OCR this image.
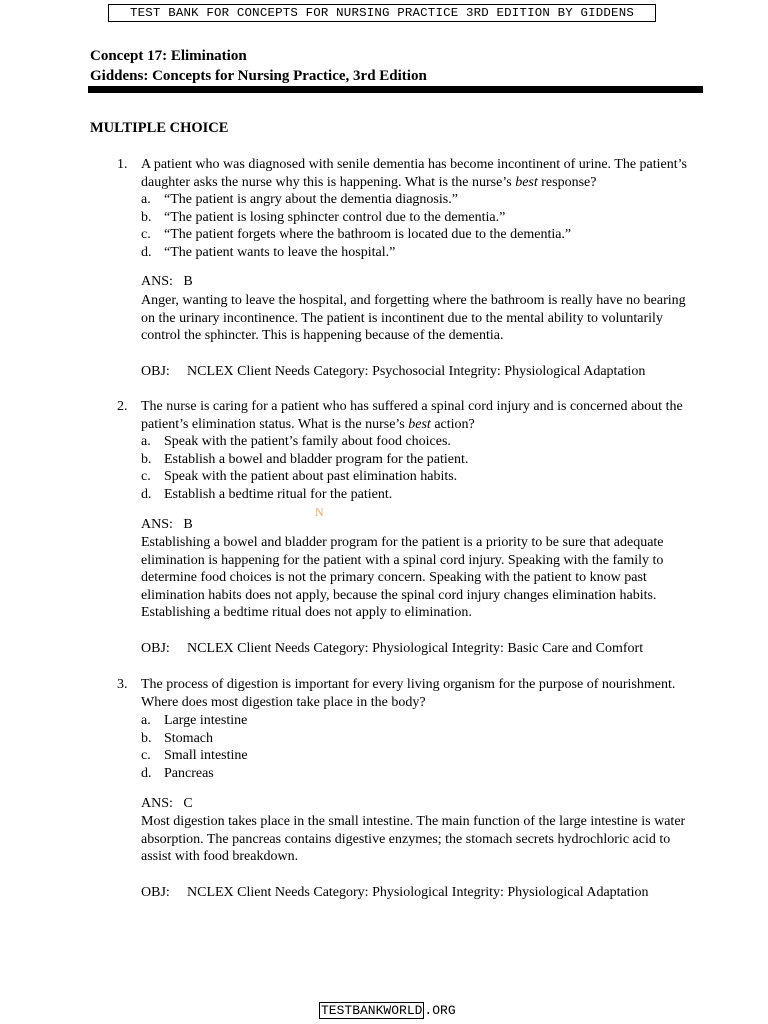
TEST BANK FOR CONCEPTS FOR NURSING PRACTICE 3RD EDITION BY GIDDENS
Concept 17: Elimination
Giddens: Concepts for Nursing Practice, 3rd Edition
MULTIPLE CHOICE
1. A patient who was diagnosed with senile dementia has become incontinent of urine. The patient’s daughter asks the nurse why this is happening. What is the nurse’s best response?
a. “The patient is angry about the dementia diagnosis.”
b. “The patient is losing sphincter control due to the dementia.”
c. “The patient forgets where the bathroom is located due to the dementia.”
d. “The patient wants to leave the hospital.”
ANS: B
Anger, wanting to leave the hospital, and forgetting where the bathroom is really have no bearing on the urinary incontinence. The patient is incontinent due to the mental ability to voluntarily control the sphincter. This is happening because of the dementia.
OBJ: NCLEX Client Needs Category: Psychosocial Integrity: Physiological Adaptation
2. The nurse is caring for a patient who has suffered a spinal cord injury and is concerned about the patient’s elimination status. What is the nurse’s best action?
a. Speak with the patient’s family about food choices.
b. Establish a bowel and bladder program for the patient.
c. Speak with the patient about past elimination habits.
d. Establish a bedtime ritual for the patient.
ANS: B
Establishing a bowel and bladder program for the patient is a priority to be sure that adequate elimination is happening for the patient with a spinal cord injury. Speaking with the family to determine food choices is not the primary concern. Speaking with the patient to know past elimination habits does not apply, because the spinal cord injury changes elimination habits. Establishing a bedtime ritual does not apply to elimination.
OBJ: NCLEX Client Needs Category: Physiological Integrity: Basic Care and Comfort
N
3. The process of digestion is important for every living organism for the purpose of nourishment. Where does most digestion take place in the body?
a. Large intestine
b. Stomach
c. Small intestine
d. Pancreas
ANS: C
Most digestion takes place in the small intestine. The main function of the large intestine is water absorption. The pancreas contains digestive enzymes; the stomach secrets hydrochloric acid to assist with food breakdown.
OBJ: NCLEX Client Needs Category: Physiological Integrity: Physiological Adaptation
TESTBANKWORLD .ORG
